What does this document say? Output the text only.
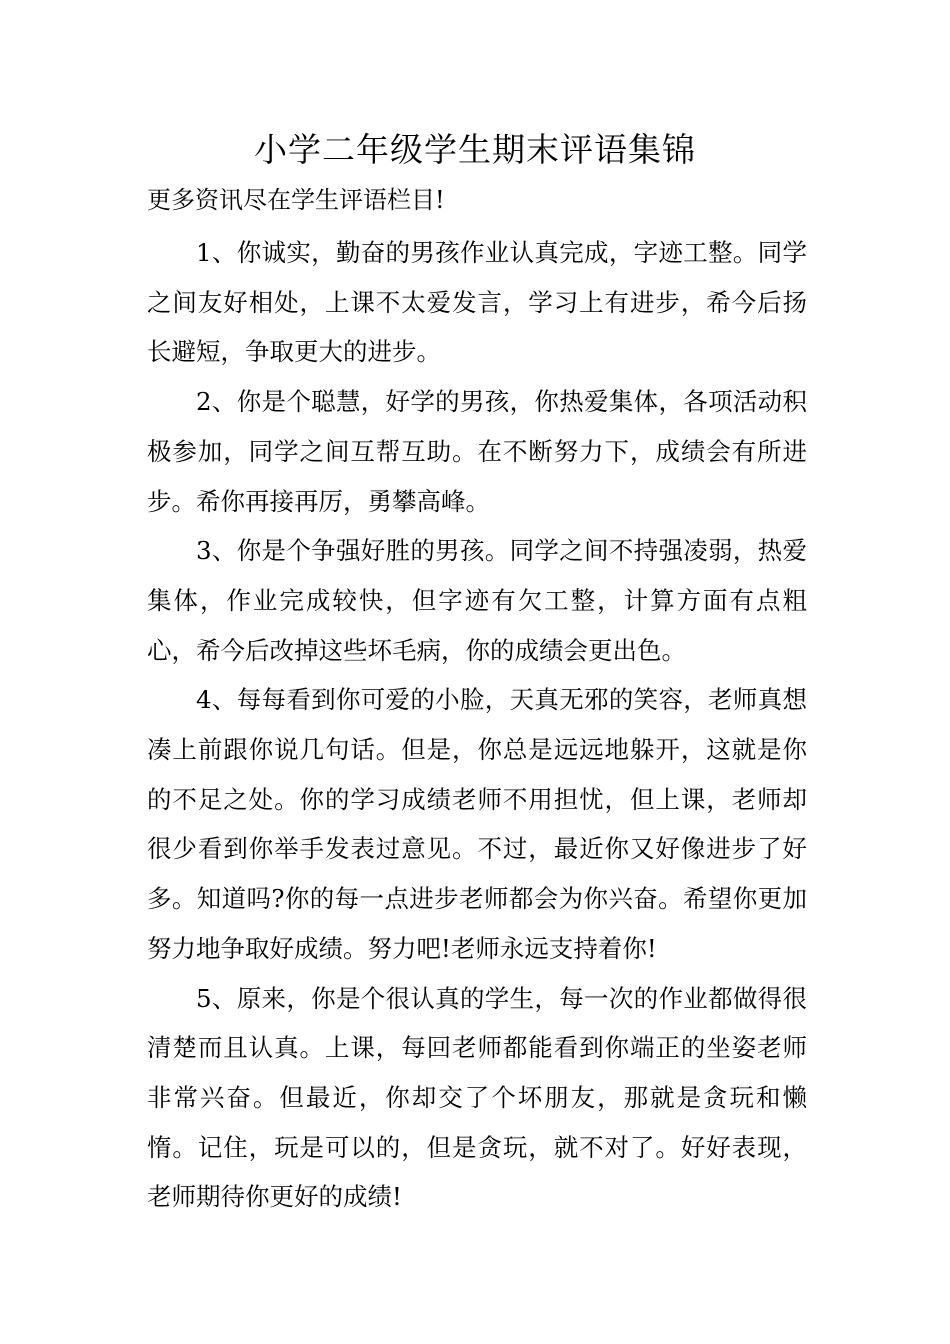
小学二年级学生期末评语集锦

更多资讯尽在学生评语栏目!

1、你诚实，勤奋的男孩作业认真完成，字迹工整。同学之间友好相处，上课不太爱发言，学习上有进步，希今后扬长避短，争取更大的进步。

2、你是个聪慧，好学的男孩，你热爱集体，各项活动积极参加，同学之间互帮互助。在不断努力下，成绩会有所进步。希你再接再厉，勇攀高峰。

3、你是个争强好胜的男孩。同学之间不持强凌弱，热爱集体，作业完成较快，但字迹有欠工整，计算方面有点粗心，希今后改掉这些坏毛病，你的成绩会更出色。

4、每每看到你可爱的小脸，天真无邪的笑容，老师真想凑上前跟你说几句话。但是，你总是远远地躲开，这就是你的不足之处。你的学习成绩老师不用担忧，但上课，老师却很少看到你举手发表过意见。不过，最近你又好像进步了好多。知道吗?你的每一点进步老师都会为你兴奋。希望你更加努力地争取好成绩。努力吧!老师永远支持着你!

5、原来，你是个很认真的学生，每一次的作业都做得很清楚而且认真。上课，每回老师都能看到你端正的坐姿老师非常兴奋。但最近，你却交了个坏朋友，那就是贪玩和懒惰。记住，玩是可以的，但是贪玩，就不对了。好好表现，老师期待你更好的成绩!
